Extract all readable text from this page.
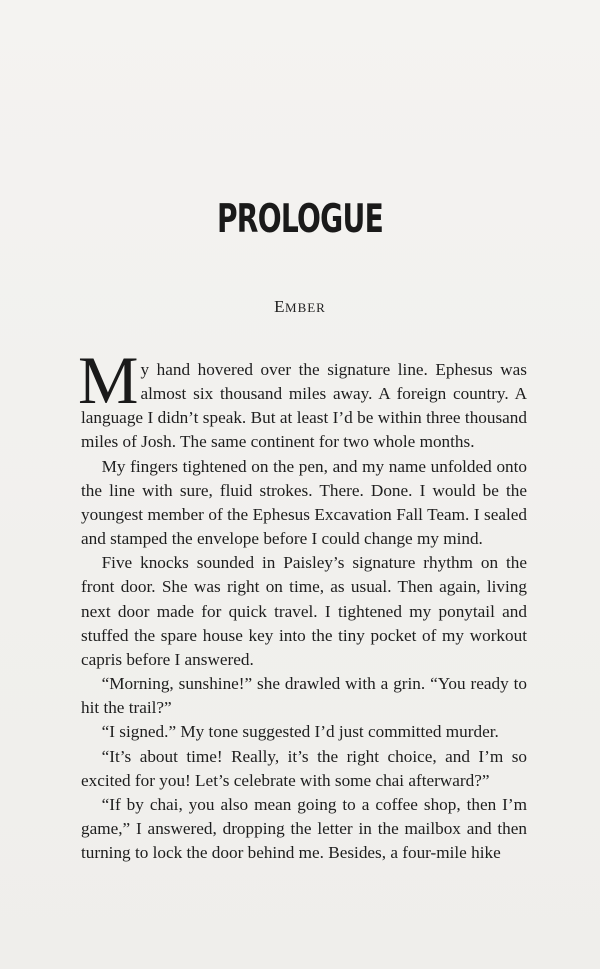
PROLOGUE
EMBER

My hand hovered over the signature line. Ephesus was almost six thousand miles away. A foreign country. A language I didn’t speak. But at least I’d be within three thousand miles of Josh. The same continent for two whole months.

My fingers tightened on the pen, and my name unfolded onto the line with sure, fluid strokes. There. Done. I would be the youngest member of the Ephesus Excavation Fall Team. I sealed and stamped the envelope before I could change my mind.

Five knocks sounded in Paisley’s signature rhythm on the front door. She was right on time, as usual. Then again, living next door made for quick travel. I tightened my ponytail and stuffed the spare house key into the tiny pocket of my workout capris before I answered.

“Morning, sunshine!” she drawled with a grin. “You ready to hit the trail?”

“I signed.” My tone suggested I’d just committed murder.

“It’s about time! Really, it’s the right choice, and I’m so excited for you! Let’s celebrate with some chai afterward?”

“If by chai, you also mean going to a coffee shop, then I’m game,” I answered, dropping the letter in the mailbox and then turning to lock the door behind me. Besides, a four-mile hike
